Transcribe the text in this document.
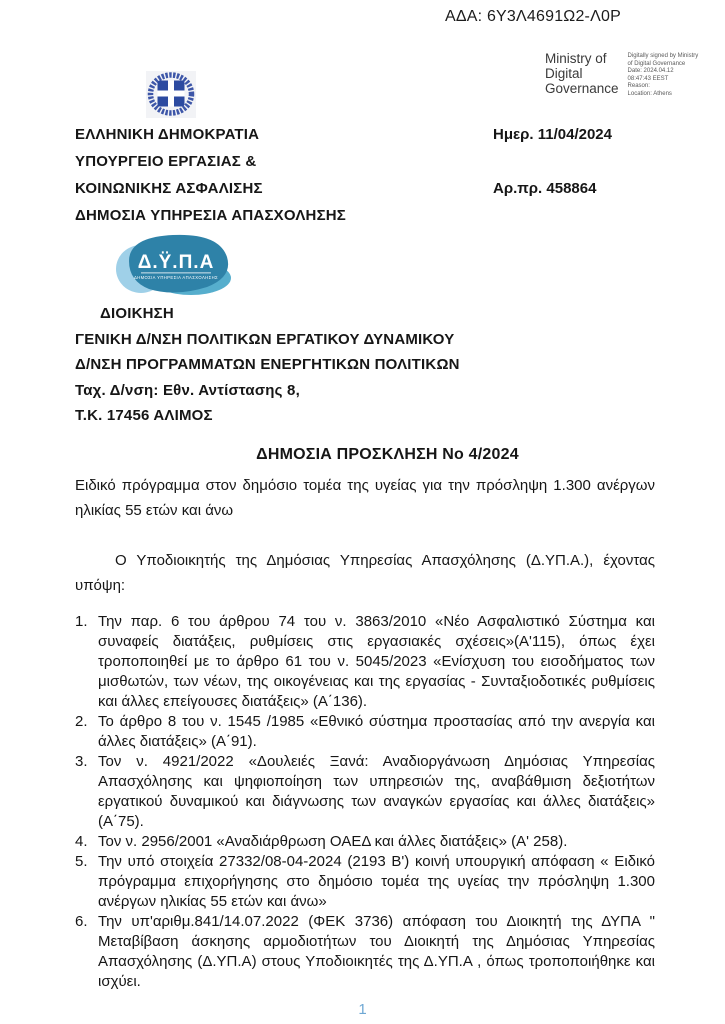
ΑΔΑ: 6Υ3Λ4691Ω2-Λ0Ρ
Ministry of
Digital
Governance
Digitally signed by Ministry
of Digital Governance
Date: 2024.04.12
08:47:43 EEST
Reason:
Location: Athens
ΕΛΛΗΝΙΚΗ ΔΗΜΟΚΡΑΤΙΑ	Ημερ. 11/04/2024
ΥΠΟΥΡΓΕΙΟ ΕΡΓΑΣΙΑΣ &
ΚΟΙΝΩΝΙΚΗΣ ΑΣΦΑΛΙΣΗΣ	Αρ.πρ. 458864
ΔΗΜΟΣΙΑ ΥΠΗΡΕΣΙΑ ΑΠΑΣΧΟΛΗΣΗΣ
Δ.Ϋ.Π.Α
ΔΗΜΟΣΙΑ ΥΠΗΡΕΣΙΑ ΑΠΑΣΧΟΛΗΣΗΣ
ΔΙΟΙΚΗΣΗ
ΓΕΝΙΚΗ Δ/ΝΣΗ ΠΟΛΙΤΙΚΩΝ ΕΡΓΑΤΙΚΟΥ ΔΥΝΑΜΙΚΟΥ
Δ/ΝΣΗ ΠΡΟΓΡΑΜΜΑΤΩΝ ΕΝΕΡΓΗΤΙΚΩΝ ΠΟΛΙΤΙΚΩΝ
Ταχ. Δ/νση: Εθν. Αντίστασης 8,
Τ.Κ. 17456 ΑΛΙΜΟΣ
ΔΗΜΟΣΙΑ ΠΡΟΣΚΛΗΣΗ Νο 4/2024
Ειδικό πρόγραμμα στον δημόσιο τομέα της υγείας για την πρόσληψη 1.300 ανέργων ηλικίας 55 ετών και άνω

Ο Υποδιοικητής της Δημόσιας Υπηρεσίας Απασχόλησης (Δ.ΥΠ.Α.), έχοντας υπόψη:

1. Την παρ. 6 του άρθρου 74 του ν. 3863/2010 «Νέο Ασφαλιστικό Σύστημα και συναφείς διατάξεις, ρυθμίσεις στις εργασιακές σχέσεις»(Α'115), όπως έχει τροποποιηθεί με το άρθρο 61 του ν. 5045/2023 «Ενίσχυση του εισοδήματος των μισθωτών, των νέων, της οικογένειας και της εργασίας - Συνταξιοδοτικές ρυθμίσεις και άλλες επείγουσες διατάξεις» (Α΄136).
2. Το άρθρο 8 του ν. 1545 /1985 «Εθνικό σύστημα προστασίας από την ανεργία και άλλες διατάξεις» (Α΄91).
3. Τον ν. 4921/2022 «Δουλειές Ξανά: Αναδιοργάνωση Δημόσιας Υπηρεσίας Απασχόλησης και ψηφιοποίηση των υπηρεσιών της, αναβάθμιση δεξιοτήτων εργατικού δυναμικού και διάγνωσης των αναγκών εργασίας και άλλες διατάξεις» (Α΄75).
4. Τον ν. 2956/2001 «Αναδιάρθρωση ΟΑΕΔ και άλλες διατάξεις» (Α' 258).
5. Την υπό στοιχεία 27332/08-04-2024 (2193 Β') κοινή υπουργική απόφαση « Ειδικό πρόγραμμα επιχορήγησης στο δημόσιο τομέα της υγείας την πρόσληψη 1.300 ανέργων ηλικίας 55 ετών και άνω»
6. Την υπ'αριθμ.841/14.07.2022 (ΦΕΚ 3736) απόφαση του Διοικητή της ΔΥΠΑ " Μεταβίβαση άσκησης αρμοδιοτήτων του Διοικητή της Δημόσιας Υπηρεσίας Απασχόλησης (Δ.ΥΠ.Α) στους Υποδιοικητές της Δ.ΥΠ.Α , όπως τροποποιήθηκε και ισχύει.
1
